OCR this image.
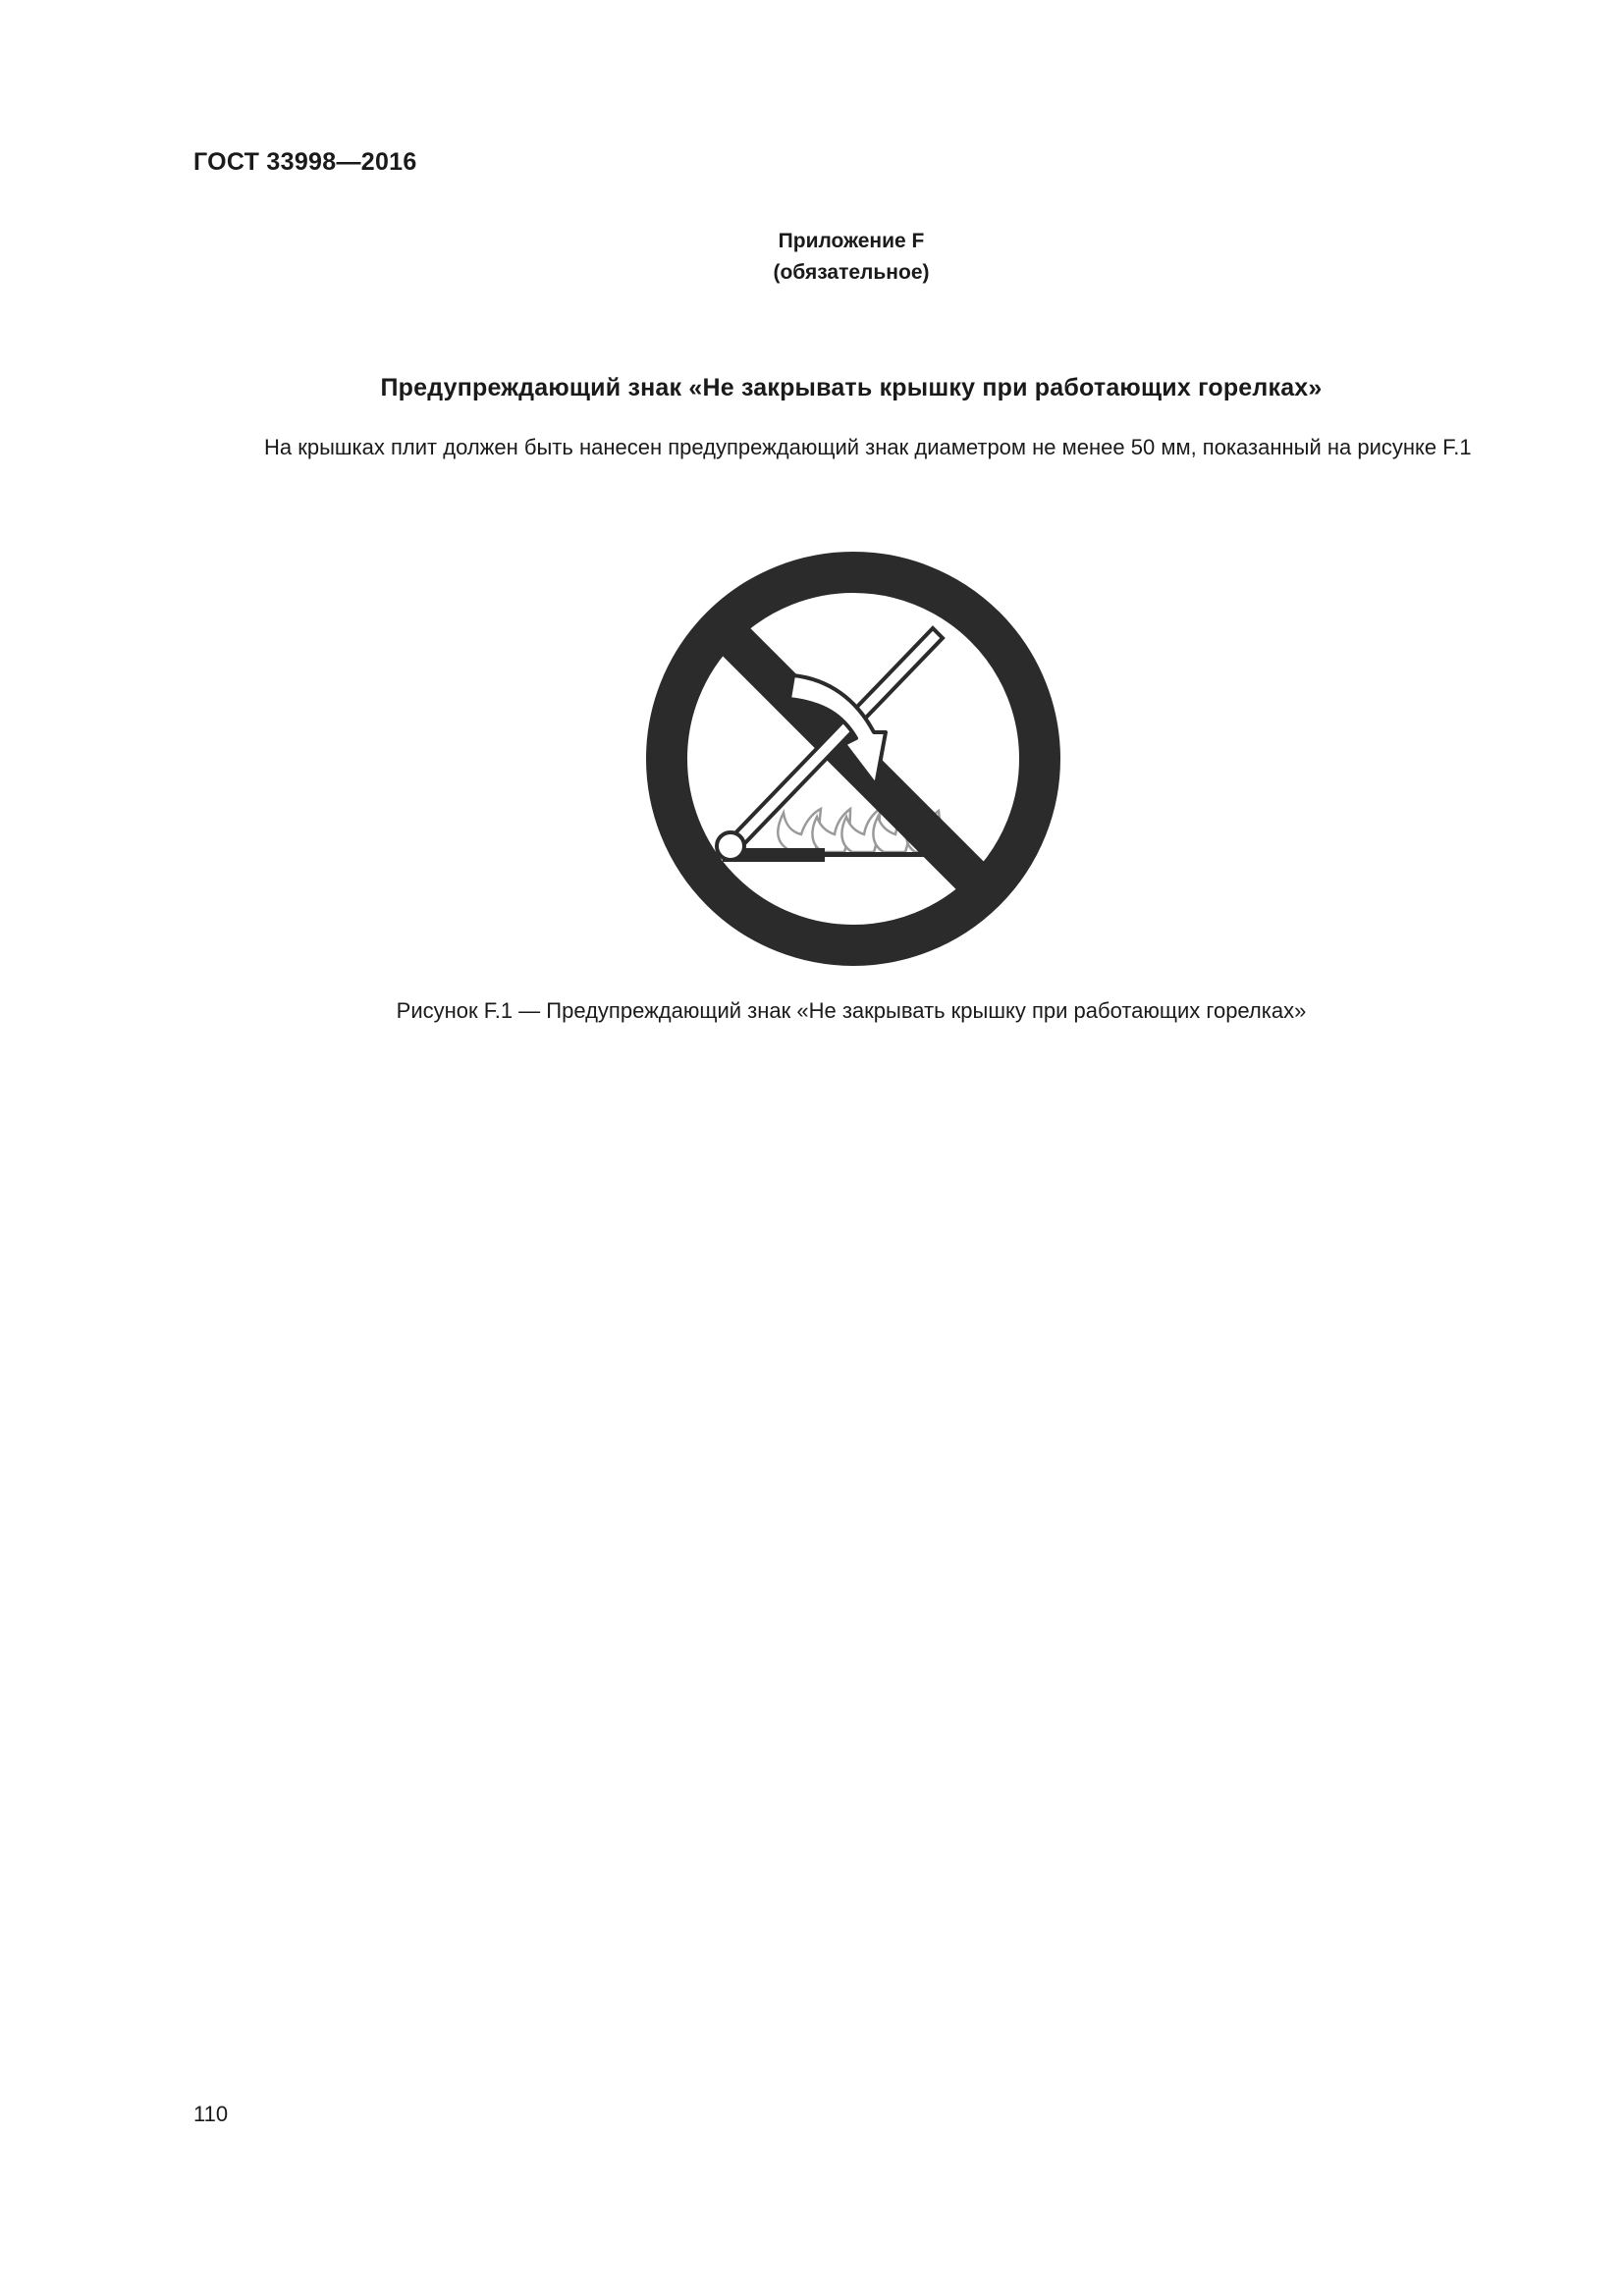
ГОСТ 33998—2016
Приложение F
(обязательное)
Предупреждающий знак «Не закрывать крышку при работающих горелках»

На крышках плит должен быть нанесен предупреждающий знак диаметром не менее 50 мм, показанный на рисунке F.1

Рисунок F.1 — Предупреждающий знак «Не закрывать крышку при работающих горелках»

110
